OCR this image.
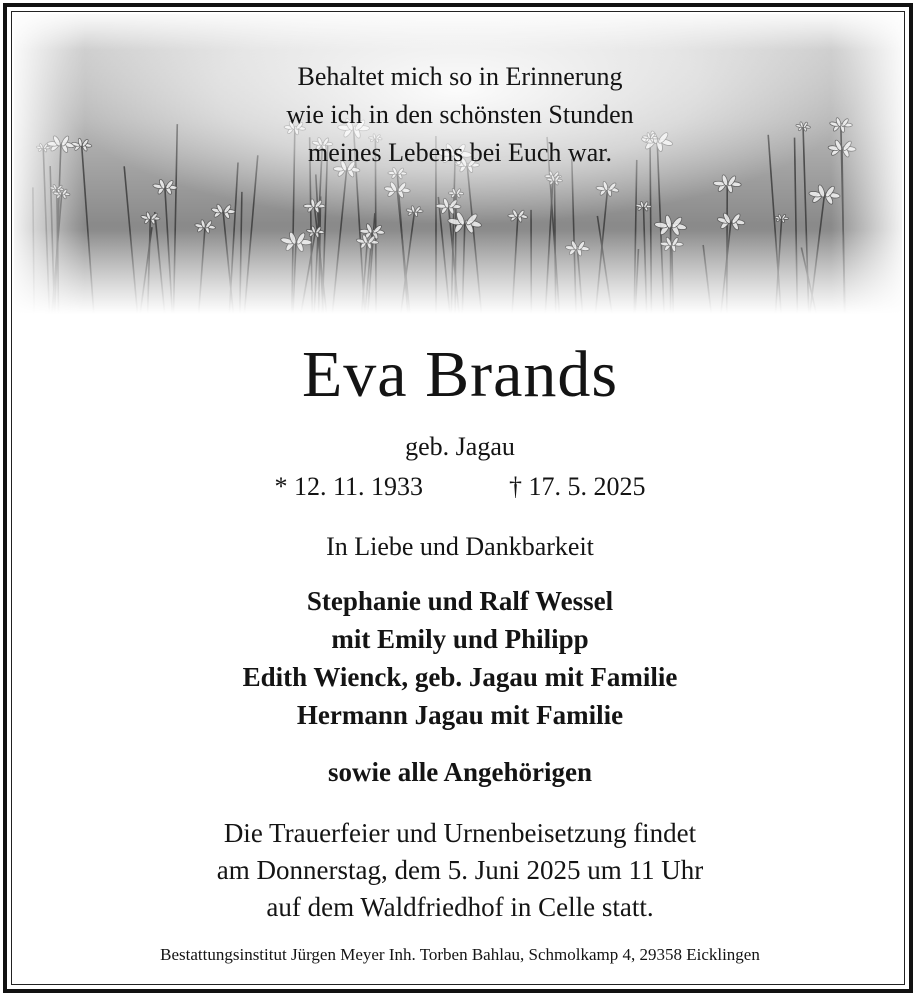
Behaltet mich so in Erinnerung
wie ich in den schönsten Stunden
meines Lebens bei Euch war.
Eva Brands
geb. Jagau
* 12. 11. 1933	† 17. 5. 2025
In Liebe und Dankbarkeit
Stephanie und Ralf Wessel
mit Emily und Philipp
Edith Wienck, geb. Jagau mit Familie
Hermann Jagau mit Familie
sowie alle Angehörigen
Die Trauerfeier und Urnenbeisetzung findet
am Donnerstag, dem 5. Juni 2025 um 11 Uhr
auf dem Waldfriedhof in Celle statt.
Bestattungsinstitut Jürgen Meyer Inh. Torben Bahlau, Schmolkamp 4, 29358 Eicklingen
